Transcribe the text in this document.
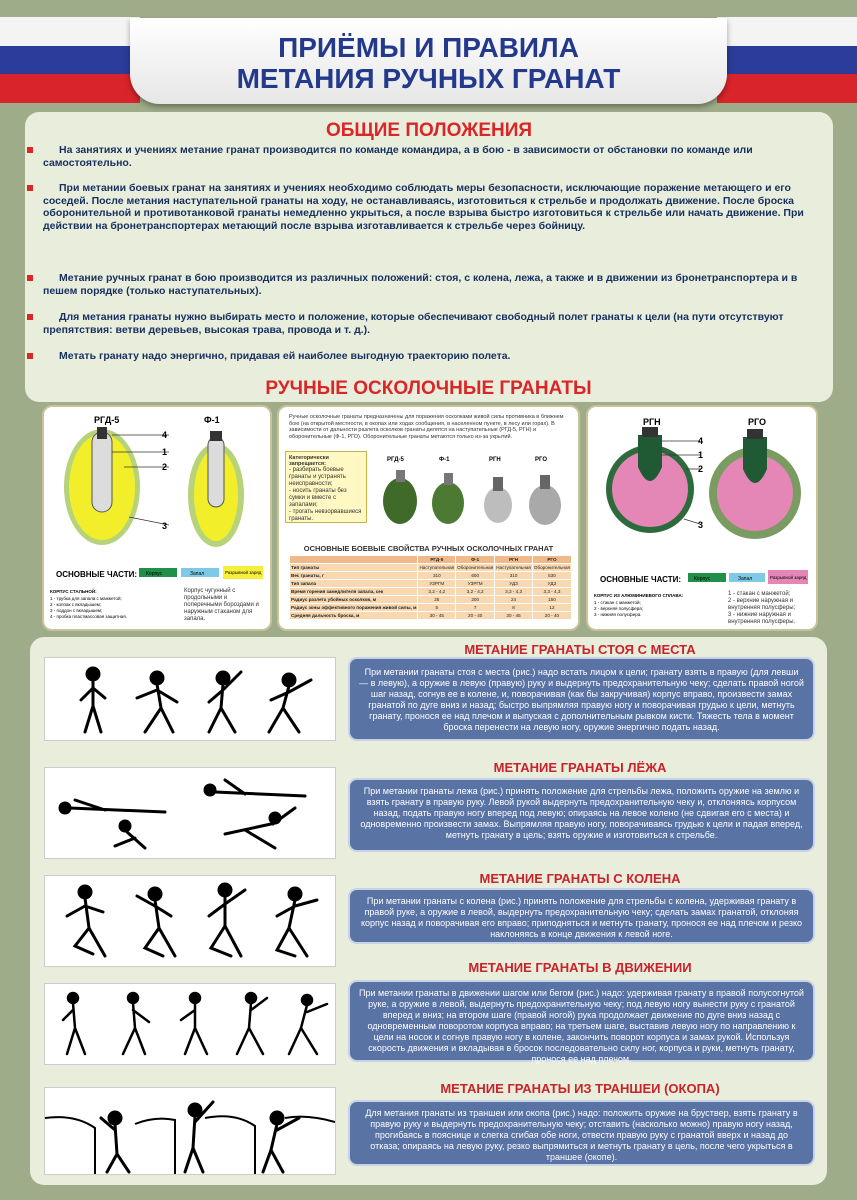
ПРИЁМЫ И ПРАВИЛА
МЕТАНИЯ РУЧНЫХ ГРАНАТ
ОБЩИЕ ПОЛОЖЕНИЯ
На занятиях и учениях метание гранат производится по команде командира, а в бою - в зависимости от обстановки по команде или самостоятельно.
При метании боевых гранат на занятиях и учениях необходимо соблюдать меры безопасности, исключающие поражение метающего и его соседей. После метания наступательной гранаты на ходу, не останавливаясь, изготовиться к стрельбе и продолжать движение. После броска оборонительной и противотанковой гранаты немедленно укрыться, а после взрыва быстро изготовиться к стрельбе или начать движение. При действии на бронетранспортерах метающий после взрыва изготавливается к стрельбе через бойницу.
Метание ручных гранат в бою производится из различных положений: стоя, с колена, лежа, а также и в движении из бронетранспортера и в пешем порядке (только наступательных).
Для метания гранаты нужно выбирать место и положение, которые обеспечивают свободный полет гранаты к цели (на пути отсутствуют препятствия: ветви деревьев, высокая трава, провода и т. д.).
Метать гранату надо энергично, придавая ей наиболее выгодную траекторию полета.
РУЧНЫЕ ОСКОЛОЧНЫЕ ГРАНАТЫ
РГД-5	Ф-1
4
1
2
3
ОСНОВНЫЕ ЧАСТИ: Корпус	Запал	Разрывной заряд
КОРПУС СТАЛЬНОЙ:
1 - трубка для запала с манжетой;
2 - колпак с вкладышем;
3 - поддон с вкладышем;
4 - пробка пластмассовая защитная.
Корпус чугунный с продольными и поперечными бороздами и наружным стаканом для запала.
Ручные осколочные гранаты предназначены для поражения осколками живой силы противника в ближнем бою (на открытой местности, в окопах или ходах сообщения, в населенном пункте, в лесу или горах). В зависимости от дальности разлета осколков гранаты делятся на наступательные (РГД-5, РГН) и оборонительные (Ф-1, РГО). Оборонительные гранаты метаются только из-за укрытий.
Категорически запрещается:
- разбирать боевые гранаты и устранять неисправности;
- носить гранаты без сумки и вместе с запалами;
- трогать невзорвавшиеся гранаты.
РГД-5	Ф-1	РГН	РГО
ОСНОВНЫЕ БОЕВЫЕ СВОЙСТВА РУЧНЫХ ОСКОЛОЧНЫХ ГРАНАТ
	РГД-5	Ф-1	РГН	РГО
Тип гранаты	Наступательная	Оборонительная	Наступательная	Оборонительная
Вес гранаты, г	310	600	310	530
Тип запала	УЗРГМ	УЗРГМ	УДЗ	УДЗ
Время горения замедлителя запала, сек	3,2 - 4,2	3,2 - 4,2	3,3 - 4,3	3,3 - 4,3
Радиус разлета убойных осколков, м	25	200	24	150
Радиус зоны эффективного поражения живой силы, м	5	7	8	12
Средняя дальность броска, м	30 - 45	20 - 40	30 - 45	20 - 40
РГН	РГО
4
1
2
3
ОСНОВНЫЕ ЧАСТИ:	Корпус	Запал	Разрывной заряд
КОРПУС ИЗ АЛЮМИНИЕВОГО СПЛАВА:
1 - стакан с манжетой;
2 - верхняя полусфера;
3 - нижняя полусфера.
1 - стакан с манжетой;
2 - верхние наружная и внутренняя полусферы;
3 - нижние наружная и внутренняя полусферы.
МЕТАНИЕ ГРАНАТЫ СТОЯ С МЕСТА
При метании гранаты стоя с места (рис.) надо встать лицом к цели; гранату взять в правую (для левши — в левую), а оружие в левую (правую) руку и выдернуть предохранительную чеку; сделать правой ногой шаг назад, согнув ее в колене, и, поворачивая (как бы закручивая) корпус вправо, произвести замах гранатой по дуге вниз и назад; быстро выпрямляя правую ногу и поворачивая грудью к цели, метнуть гранату, пронося ее над плечом и выпуская с дополнительным рывком кисти. Тяжесть тела в момент броска перенести на левую ногу, оружие энергично подать назад.
МЕТАНИЕ ГРАНАТЫ ЛЁЖА
При метании гранаты лежа (рис.) принять положение для стрельбы лежа, положить оружие на землю и взять гранату в правую руку. Левой рукой выдернуть предохранительную чеку и, отклоняясь корпусом назад, подать правую ногу вперед под левую; опираясь на левое колено (не сдвигая его с места) и одновременно произвести замах. Выпрямляя правую ногу, поворачиваясь грудью к цели и падая вперед, метнуть гранату в цель; взять оружие и изготовиться к стрельбе.
МЕТАНИЕ ГРАНАТЫ С КОЛЕНА
При метании гранаты с колена (рис.) принять положение для стрельбы с колена, удерживая гранату в правой руке, а оружие в левой, выдернуть предохранительную чеку; сделать замах гранатой, отклоняя корпус назад и поворачивая его вправо; приподняться и метнуть гранату, пронося ее над плечом и резко наклоняясь в конце движения к левой ноге.
МЕТАНИЕ ГРАНАТЫ В ДВИЖЕНИИ
При метании гранаты в движении шагом или бегом (рис.) надо: удерживая гранату в правой полусогнутой руке, а оружие в левой, выдернуть предохранительную чеку; под левую ногу вынести руку с гранатой вперед и вниз; на втором шаге (правой ногой) рука продолжает движение по дуге вниз назад с одновременным поворотом корпуса вправо; на третьем шаге, выставив левую ногу по направлению к цели на носок и согнув правую ногу в колене, закончить поворот корпуса и замах рукой. Используя скорость движения и вкладывая в бросок последовательно силу ног, корпуса и руки, метнуть гранату, пронося ее над плечом.
МЕТАНИЕ ГРАНАТЫ ИЗ ТРАНШЕИ (ОКОПА)
Для метания гранаты из траншеи или окопа (рис.) надо: положить оружие на бруствер, взять гранату в правую руку и выдернуть предохранительную чеку; отставить (насколько можно) правую ногу назад, прогибаясь в пояснице и слегка сгибая обе ноги, отвести правую руку с гранатой вверх и назад до отказа; опираясь на левую руку, резко выпрямиться и метнуть гранату в цель, после чего укрыться в траншее (окопе).
